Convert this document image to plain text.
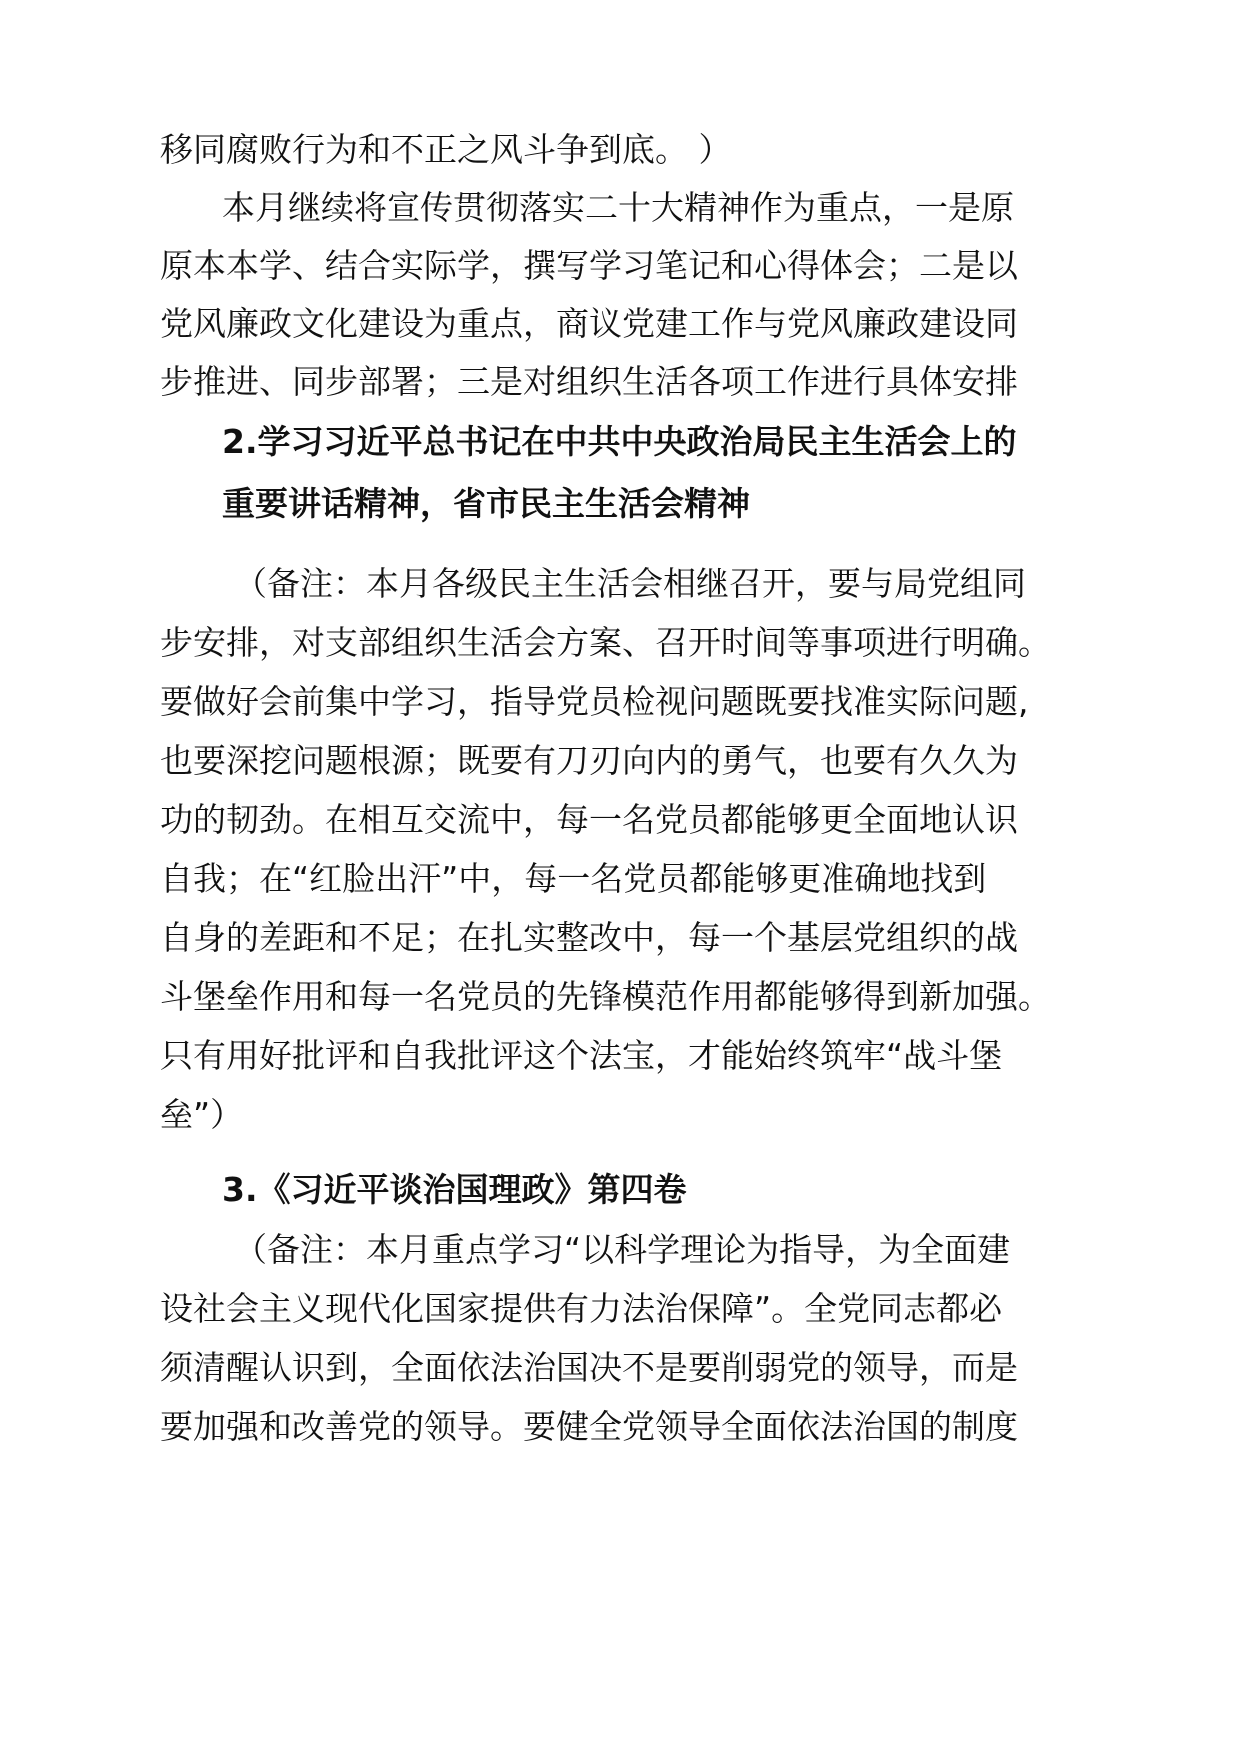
移同腐败行为和不正之风斗争到底。 ）
本月继续将宣传贯彻落实二十大精神作为重点，一是原
原本本学、结合实际学，撰写学习笔记和心得体会；二是以
党风廉政文化建设为重点，商议党建工作与党风廉政建设同
步推进、同步部署；三是对组织生活各项工作进行具体安排
2.学习习近平总书记在中共中央政治局民主生活会上的
重要讲话精神，省市民主生活会精神
（备注：本月各级民主生活会相继召开，要与局党组同
步安排，对支部组织生活会方案、召开时间等事项进行明确。
要做好会前集中学习，指导党员检视问题既要找准实际问题,
也要深挖问题根源；既要有刀刃向内的勇气，也要有久久为
功的韧劲。在相互交流中，每一名党员都能够更全面地认识
自我；在“红脸出汗”中，每一名党员都能够更准确地找到
自身的差距和不足；在扎实整改中，每一个基层党组织的战
斗堡垒作用和每一名党员的先锋模范作用都能够得到新加强。
只有用好批评和自我批评这个法宝，才能始终筑牢“战斗堡
垒”）
3.《习近平谈治国理政》第四卷
（备注：本月重点学习“以科学理论为指导，为全面建
设社会主义现代化国家提供有力法治保障”。全党同志都必
须清醒认识到，全面依法治国决不是要削弱党的领导，而是
要加强和改善党的领导。要健全党领导全面依法治国的制度
